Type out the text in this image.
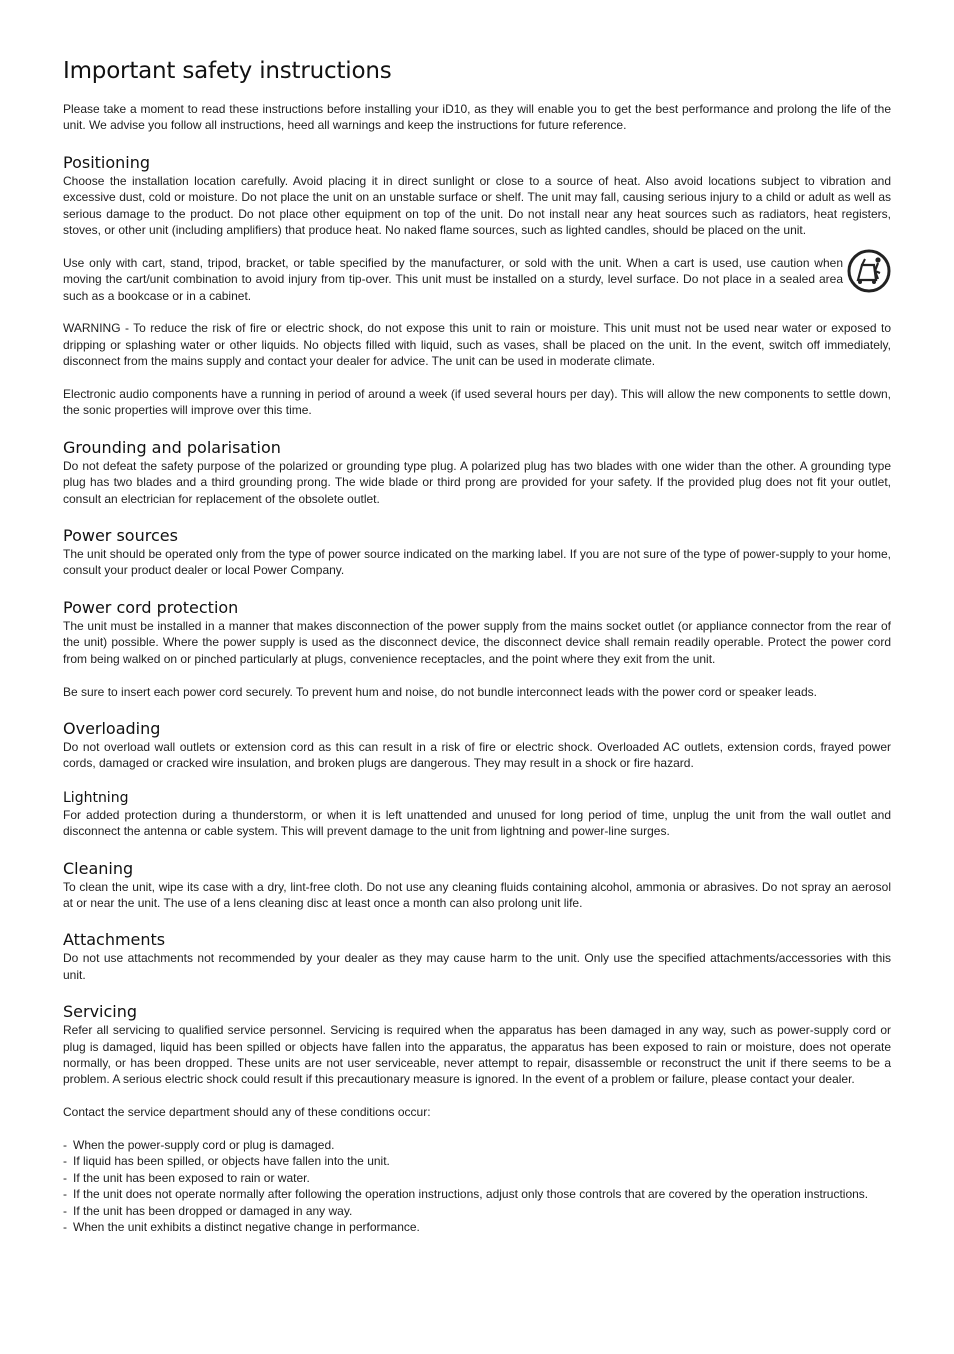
Important safety instructions

Please take a moment to read these instructions before installing your iD10, as they will enable you to get the best performance and prolong the life of the unit. We advise you follow all instructions, heed all warnings and keep the instructions for future reference.

Positioning

Choose the installation location carefully. Avoid placing it in direct sunlight or close to a source of heat. Also avoid locations subject to vibration and excessive dust, cold or moisture. Do not place the unit on an unstable surface or shelf. The unit may fall, causing serious injury to a child or adult as well as serious damage to the product. Do not place other equipment on top of the unit. Do not install near any heat sources such as radiators, heat registers, stoves, or other unit (including amplifiers) that produce heat. No naked flame sources, such as lighted candles, should be placed on the unit.

Use only with cart, stand, tripod, bracket, or table specified by the manufacturer, or sold with the unit. When a cart is used, use caution when moving the cart/unit combination to avoid injury from tip-over. This unit must be installed on a sturdy, level surface. Do not place in a sealed area such as a bookcase or in a cabinet.

WARNING - To reduce the risk of fire or electric shock, do not expose this unit to rain or moisture. This unit must not be used near water or exposed to dripping or splashing water or other liquids. No objects filled with liquid, such as vases, shall be placed on the unit. In the event, switch off immediately, disconnect from the mains supply and contact your dealer for advice. The unit can be used in moderate climate.

Electronic audio components have a running in period of around a week (if used several hours per day). This will allow the new components to settle down, the sonic properties will improve over this time.

Grounding and polarisation

Do not defeat the safety purpose of the polarized or grounding type plug. A polarized plug has two blades with one wider than the other. A grounding type plug has two blades and a third grounding prong. The wide blade or third prong are provided for your safety. If the provided plug does not fit your outlet, consult an electrician for replacement of the obsolete outlet.

Power sources

The unit should be operated only from the type of power source indicated on the marking label. If you are not sure of the type of power-supply to your home, consult your product dealer or local Power Company.

Power cord protection

The unit must be installed in a manner that makes disconnection of the power supply from the mains socket outlet (or appliance connector from the rear of the unit) possible. Where the power supply is used as the disconnect device, the disconnect device shall remain readily operable. Protect the power cord from being walked on or pinched particularly at plugs, convenience receptacles, and the point where they exit from the unit.

Be sure to insert each power cord securely. To prevent hum and noise, do not bundle interconnect leads with the power cord or speaker leads.

Overloading

Do not overload wall outlets or extension cord as this can result in a risk of fire or electric shock. Overloaded AC outlets, extension cords, frayed power cords, damaged or cracked wire insulation, and broken plugs are dangerous. They may result in a shock or fire hazard.

Lightning

For added protection during a thunderstorm, or when it is left unattended and unused for long period of time, unplug the unit from the wall outlet and disconnect the antenna or cable system. This will prevent damage to the unit from lightning and power-line surges.

Cleaning

To clean the unit, wipe its case with a dry, lint-free cloth. Do not use any cleaning fluids containing alcohol, ammonia or abrasives. Do not spray an aerosol at or near the unit. The use of a lens cleaning disc at least once a month can also prolong unit life.

Attachments

Do not use attachments not recommended by your dealer as they may cause harm to the unit. Only use the specified attachments/accessories with this unit.

Servicing

Refer all servicing to qualified service personnel. Servicing is required when the apparatus has been damaged in any way, such as power-supply cord or plug is damaged, liquid has been spilled or objects have fallen into the apparatus, the apparatus has been exposed to rain or moisture, does not operate normally, or has been dropped. These units are not user serviceable, never attempt to repair, disassemble or reconstruct the unit if there seems to be a problem. A serious electric shock could result if this precautionary measure is ignored. In the event of a problem or failure, please contact your dealer.

Contact the service department should any of these conditions occur:

- When the power-supply cord or plug is damaged.
- If liquid has been spilled, or objects have fallen into the unit.
- If the unit has been exposed to rain or water.
- If the unit does not operate normally after following the operation instructions, adjust only those controls that are covered by the operation instructions.
- If the unit has been dropped or damaged in any way.
- When the unit exhibits a distinct negative change in performance.
